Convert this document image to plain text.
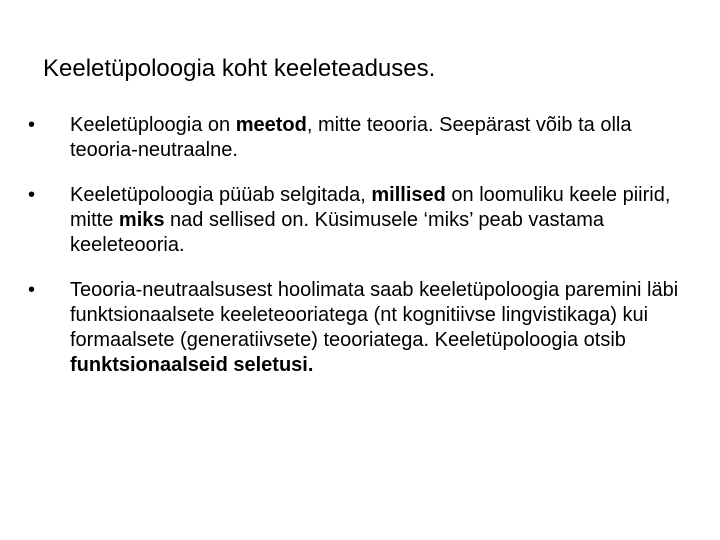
Keeletüpoloogia koht keeleteaduses.
•	Keeletüploogia on meetod, mitte teooria. Seepärast võib ta olla teooria-neutraalne.
•	Keeletüpoloogia püüab selgitada, millised on loomuliku keele piirid, mitte miks nad sellised on. Küsimusele ‘miks’ peab vastama keeleteooria.
•	Teooria-neutraalsusest hoolimata saab keeletüpoloogia paremini läbi funktsionaalsete keeleteooriatega (nt kognitiivse lingvistikaga) kui formaalsete (generatiivsete) teooriatega. Keeletüpoloogia otsib funktsionaalseid seletusi.
